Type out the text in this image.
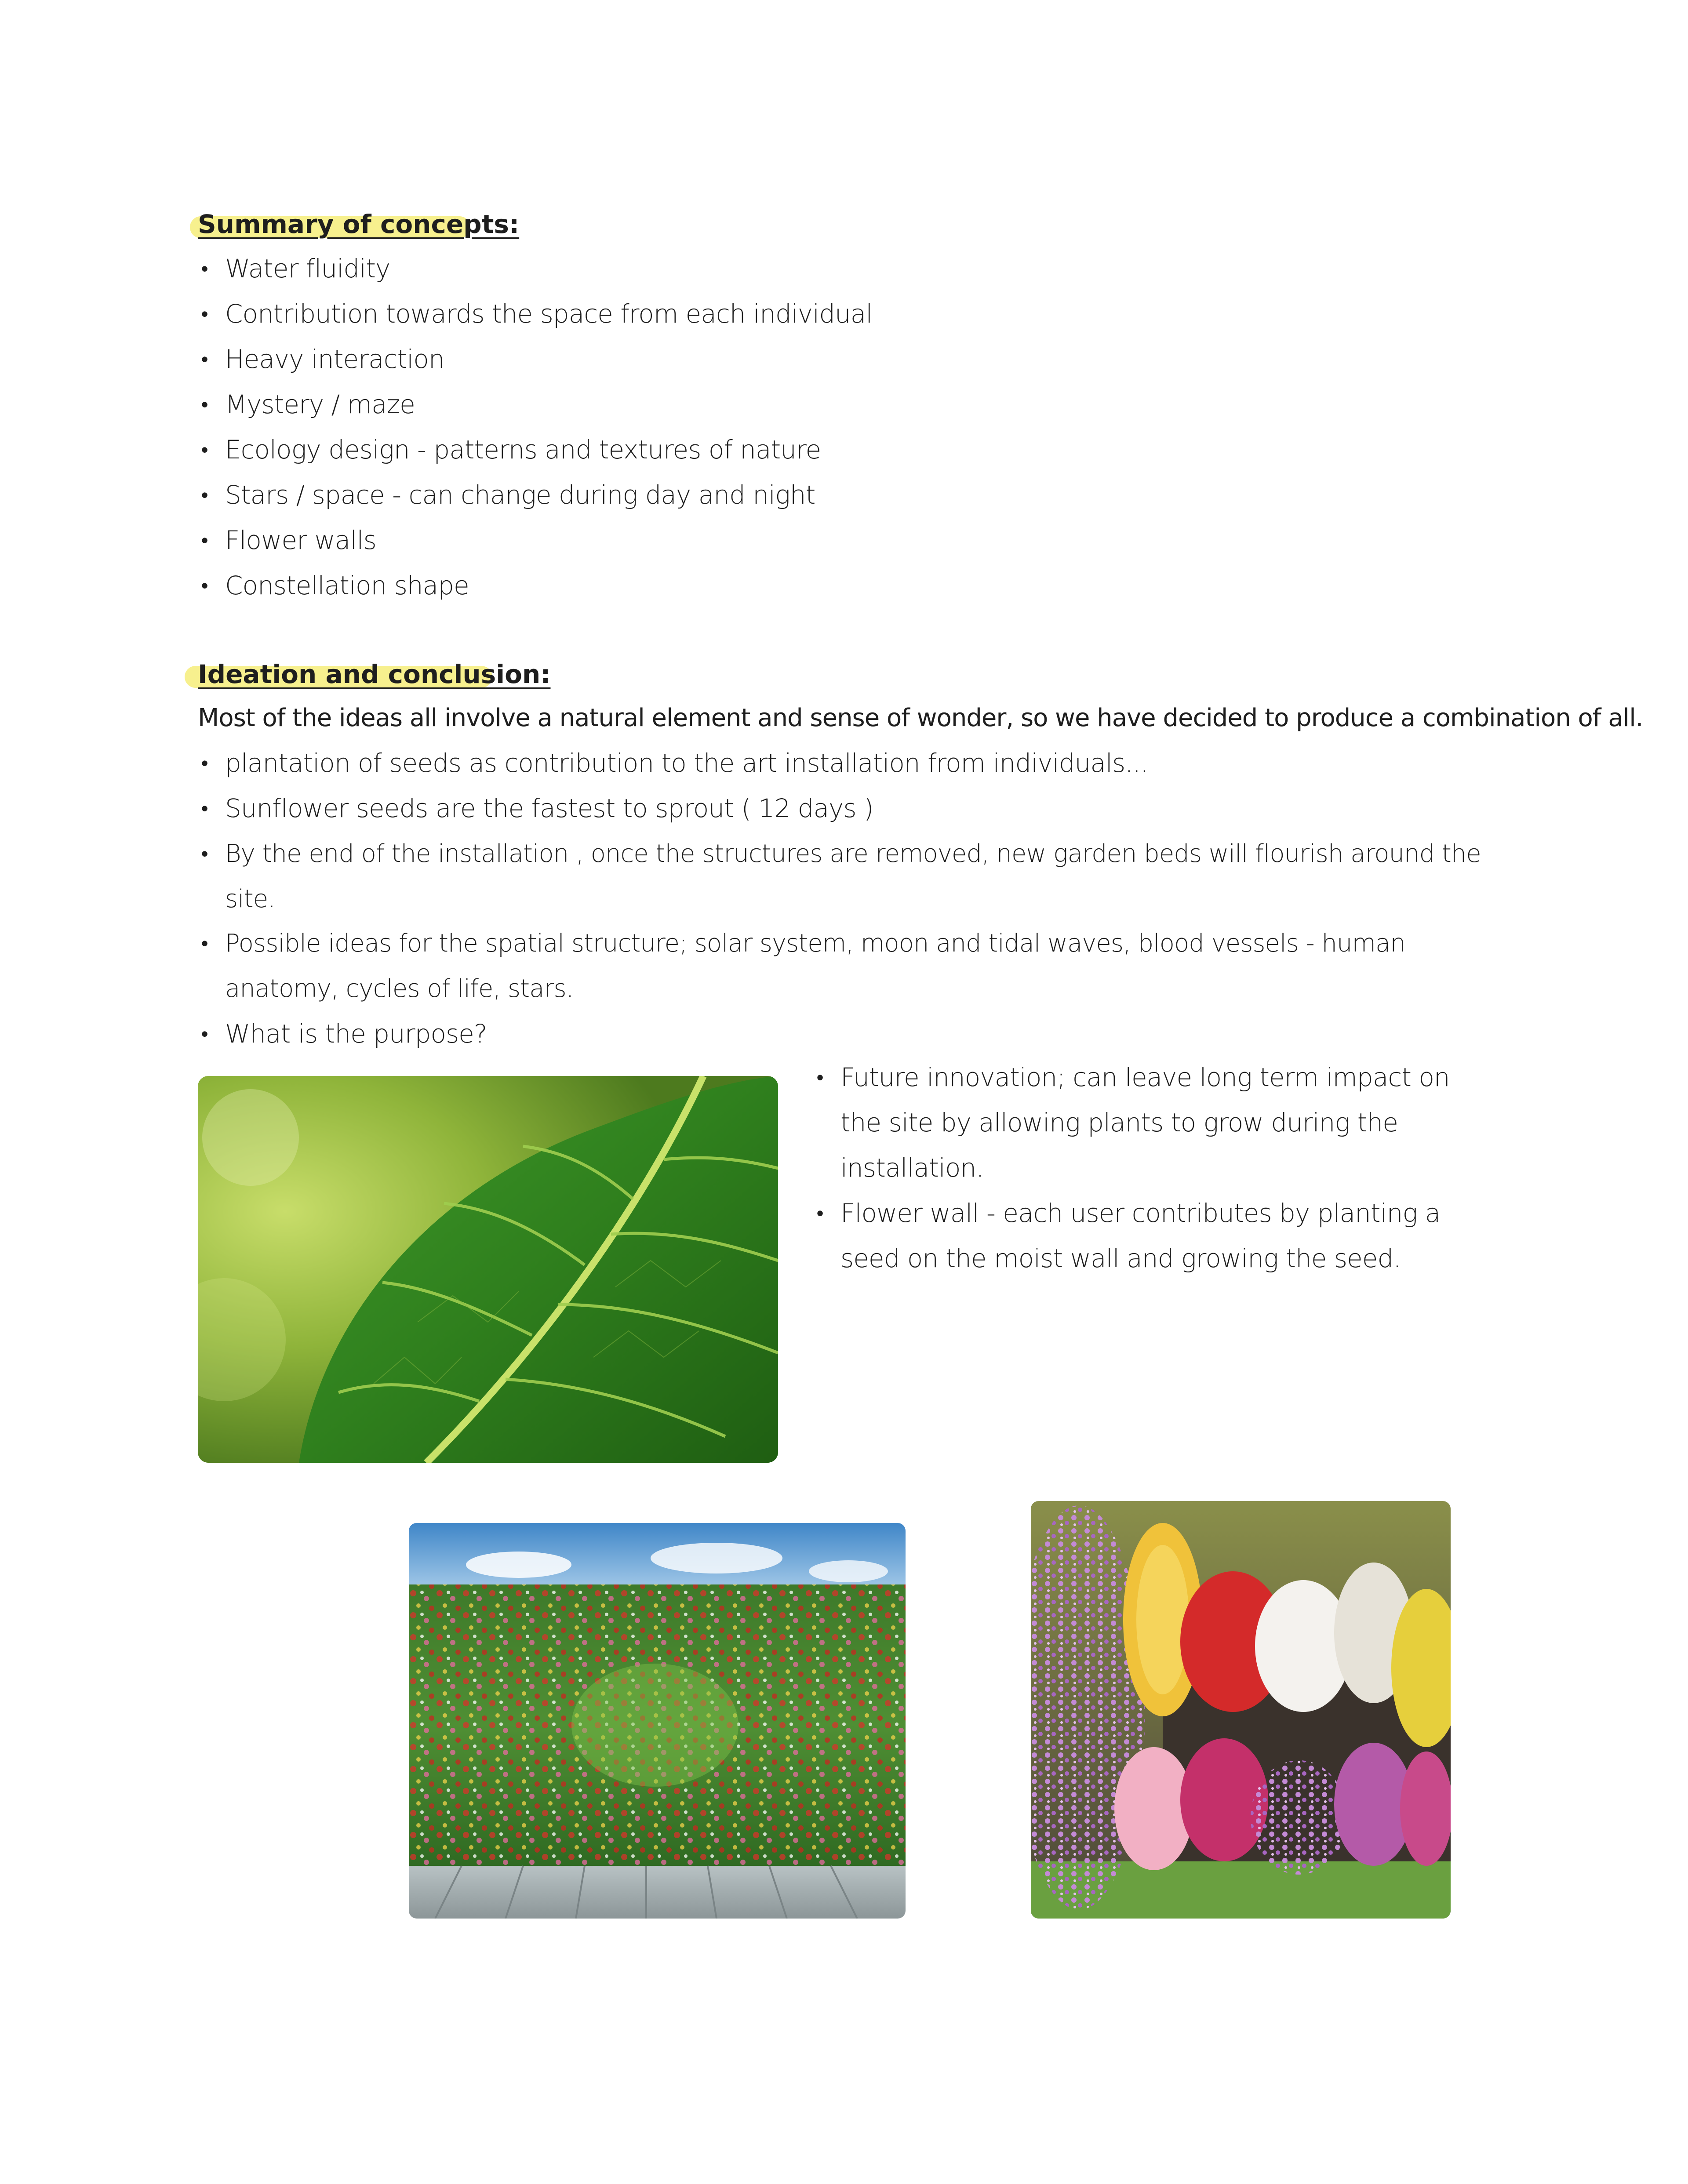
Summary of concepts:
• Water fluidity
• Contribution towards the space from each individual
• Heavy interaction
• Mystery / maze
• Ecology design - patterns and textures of nature
• Stars / space - can change during day and night
• Flower walls
• Constellation shape
Ideation and conclusion:
Most of the ideas all involve a natural element and sense of wonder, so we have decided to produce a combination of all.
• plantation of seeds as contribution to the art installation from individuals...
• Sunflower seeds are the fastest to sprout ( 12 days )
• By the end of the installation , once the structures are removed, new garden beds will flourish around the site.
• Possible ideas for the spatial structure; solar system, moon and tidal waves, blood vessels - human anatomy, cycles of life, stars.
• What is the purpose?
• Future innovation; can leave long term impact on the site by allowing plants to grow during the installation.
• Flower wall - each user contributes by planting a seed on the moist wall and growing the seed.
